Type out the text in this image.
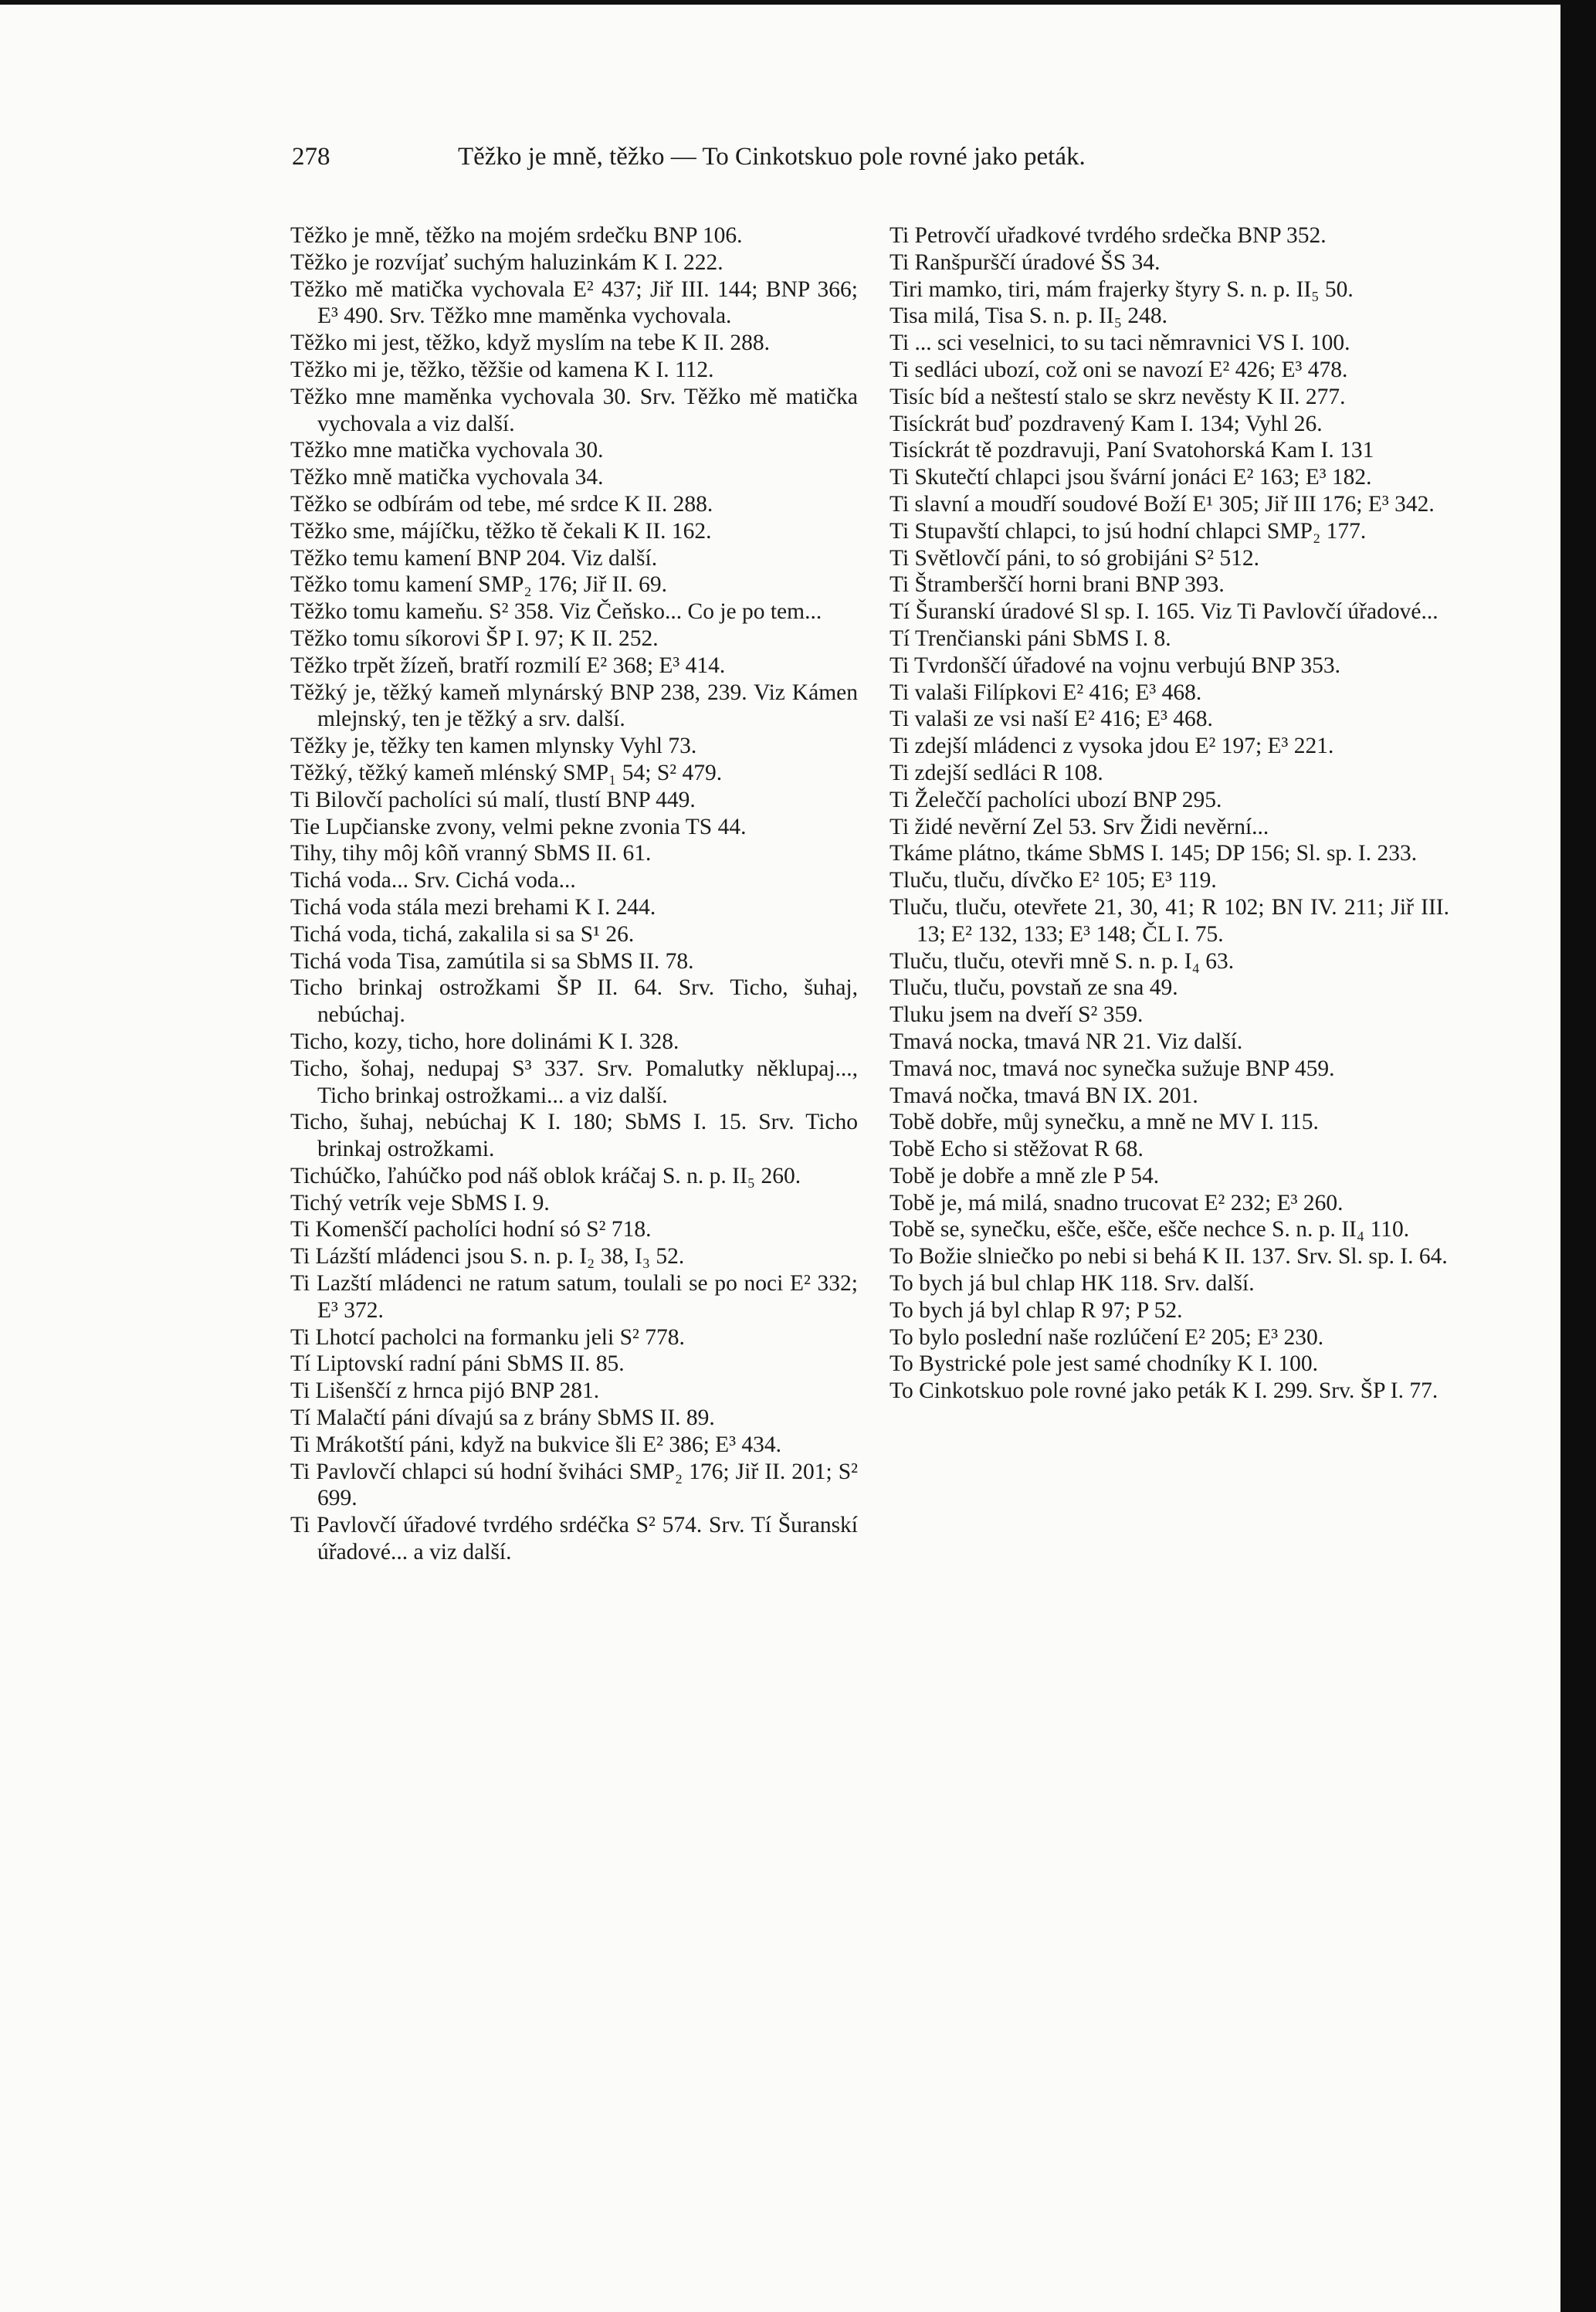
278	Těžko je mně, těžko — To Cinkotskuo pole rovné jako peták.

Těžko je mně, těžko na mojém srdečku BNP 106.

Těžko je rozvíjať suchým haluzinkám K I. 222.

Těžko mě matička vychovala E² 437; Jiř III. 144; BNP 366; E³ 490. Srv. Těžko mne maměnka vychovala.

Těžko mi jest, těžko, když myslím na tebe K II. 288.

Těžko mi je, těžko, těžšie od kamena K I. 112.

Těžko mne maměnka vychovala 30. Srv. Těžko mě matička vychovala a viz další.

Těžko mne matička vychovala 30.

Těžko mně matička vychovala 34.

Těžko se odbírám od tebe, mé srdce K II. 288.

Těžko sme, májíčku, těžko tě čekali K II. 162.

Těžko temu kamení BNP 204. Viz další.

Těžko tomu kamení SMP₂ 176; Jiř II. 69.

Těžko tomu kameňu. S² 358. Viz Čeňsko... Co je po tem...

Těžko tomu síkorovi ŠP I. 97; K II. 252.

Těžko trpět žízeň, bratří rozmilí E² 368; E³ 414.

Těžký je, těžký kameň mlynárský BNP 238, 239. Viz Kámen mlejnský, ten je těžký a srv. další.

Těžky je, těžky ten kamen mlynsky Vyhl 73.

Těžký, těžký kameň mlénský SMP₁ 54; S² 479.

Ti Bilovčí pacholíci sú malí, tlustí BNP 449.

Tie Lupčianske zvony, velmi pekne zvonia TS 44.

Tihy, tihy môj kôň vranný SbMS II. 61.

Tichá voda... Srv. Cichá voda...

Tichá voda stála mezi brehami K I. 244.

Tichá voda, tichá, zakalila si sa S¹ 26.

Tichá voda Tisa, zamútila si sa SbMS II. 78.

Ticho brinkaj ostrožkami ŠP II. 64. Srv. Ticho, šuhaj, nebúchaj.

Ticho, kozy, ticho, hore dolinámi K I. 328.

Ticho, šohaj, nedupaj S³ 337. Srv. Pomalutky něklupaj..., Ticho brinkaj ostrožkami... a viz další.

Ticho, šuhaj, nebúchaj K I. 180; SbMS I. 15. Srv. Ticho brinkaj ostrožkami.

Tichúčko, ľahúčko pod náš oblok kráčaj S. n. p. II₅ 260.

Tichý vetrík veje SbMS I. 9.

Ti Komenščí pacholíci hodní só S² 718.

Ti Lázští mládenci jsou S. n. p. I₂ 38, I₃ 52.

Ti Lazští mládenci ne ratum satum, toulali se po noci E² 332; E³ 372.

Ti Lhotcí pacholci na formanku jeli S² 778.

Tí Liptovskí radní páni SbMS II. 85.

Ti Lišenščí z hrnca pijó BNP 281.

Tí Malačtí páni dívajú sa z brány SbMS II. 89.

Ti Mrákotští páni, když na bukvice šli E² 386; E³ 434.

Ti Pavlovčí chlapci sú hodní šviháci SMP₂ 176; Jiř II. 201; S² 699.

Ti Pavlovčí úřadové tvrdého srdéčka S² 574. Srv. Tí Šuranskí úřadové... a viz další.

Ti Petrovčí uřadkové tvrdého srdečka BNP 352.

Ti Ranšpurščí úradové ŠS 34.

Tiri mamko, tiri, mám frajerky štyry S. n. p. II₅ 50.

Tisa milá, Tisa S. n. p. II₅ 248.

Ti ... sci veselnici, to su taci němravnici VS I. 100.

Ti sedláci ubozí, což oni se navozí E² 426; E³ 478.

Tisíc bíd a neštestí stalo se skrz nevěsty K II. 277.

Tisíckrát buď pozdravený Kam I. 134; Vyhl 26.

Tisíckrát tě pozdravuji, Paní Svatohorská Kam I. 131

Ti Skutečtí chlapci jsou švární jonáci E² 163; E³ 182.

Ti slavní a moudří soudové Boží E¹ 305; Jiř III 176; E³ 342.

Ti Stupavští chlapci, to jsú hodní chlapci SMP₂ 177.

Ti Světlovčí páni, to só grobijáni S² 512.

Ti Štramberščí horni brani BNP 393.

Tí Šuranskí úradové Sl sp. I. 165. Viz Ti Pavlovčí úřadové...

Tí Trenčianski páni SbMS I. 8.

Ti Tvrdonščí úřadové na vojnu verbujú BNP 353.

Ti valaši Filípkovi E² 416; E³ 468.

Ti valaši ze vsi naší E² 416; E³ 468.

Ti zdejší mládenci z vysoka jdou E² 197; E³ 221.

Ti zdejší sedláci R 108.

Ti Želeččí pacholíci ubozí BNP 295.

Ti židé nevěrní Zel 53. Srv Židi nevěrní...

Tkáme plátno, tkáme SbMS I. 145; DP 156; Sl. sp. I. 233.

Tluču, tluču, dívčko E² 105; E³ 119.

Tluču, tluču, otevřete 21, 30, 41; R 102; BN IV. 211; Jiř III. 13; E² 132, 133; E³ 148; ČL I. 75.

Tluču, tluču, otevři mně S. n. p. I₄ 63.

Tluču, tluču, povstaň ze sna 49.

Tluku jsem na dveří S² 359.

Tmavá nocka, tmavá NR 21. Viz další.

Tmavá noc, tmavá noc synečka sužuje BNP 459.

Tmavá nočka, tmavá BN IX. 201.

Tobě dobře, můj synečku, a mně ne MV I. 115.

Tobě Echo si stěžovat R 68.

Tobě je dobře a mně zle P 54.

Tobě je, má milá, snadno trucovat E² 232; E³ 260.

Tobě se, synečku, ešče, ešče, ešče nechce S. n. p. II₄ 110.

To Božie slniečko po nebi si behá K II. 137. Srv. Sl. sp. I. 64.

To bych já bul chlap HK 118. Srv. další.

To bych já byl chlap R 97; P 52.

To bylo poslední naše rozlúčení E² 205; E³ 230.

To Bystrické pole jest samé chodníky K I. 100.

To Cinkotskuo pole rovné jako peták K I. 299. Srv. ŠP I. 77.
